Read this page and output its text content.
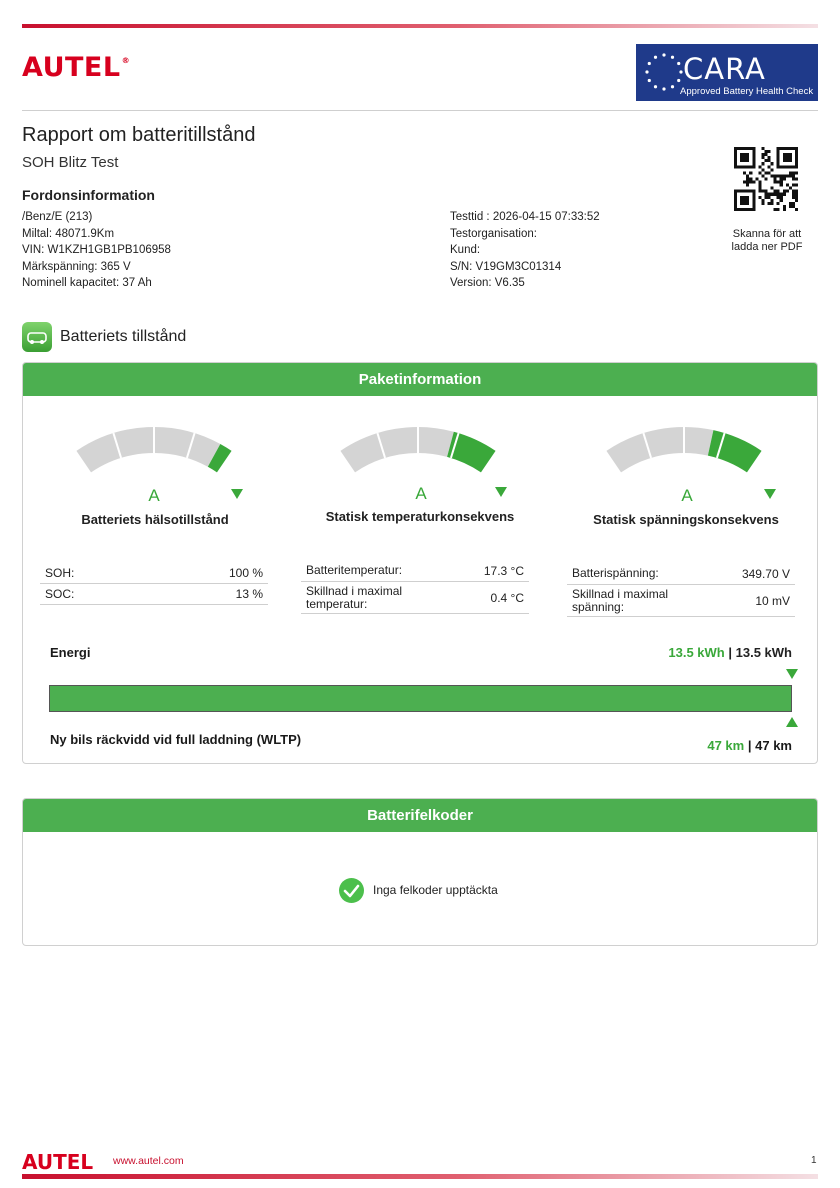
AUTEL®	CARA
Approved Battery Health Check
Rapport om batteritillstånd
SOH Blitz Test
Fordonsinformation
/Benz/E (213)
Miltal: 48071.9Km
VIN: W1KZH1GB1PB106958
Märkspänning: 365 V
Nominell kapacitet: 37 Ah
Testtid : 2026-04-15 07:33:52
Testorganisation:
Kund:
S/N: V19GM3C01314
Version: V6.35
Skanna för att
ladda ner PDF
Batteriets tillstånd
Paketinformation
A
Batteriets hälsotillstånd
A
Statisk temperaturkonsekvens
A
Statisk spänningskonsekvens
SOH:	100 %
SOC:	13 %
Batteritemperatur:	17.3 °C
Skillnad i maximal temperatur:	0.4 °C
Batterispänning:	349.70 V
Skillnad i maximal spänning:	10 mV
Energi	13.5 kWh | 13.5 kWh
Ny bils räckvidd vid full laddning (WLTP)	47 km | 47 km
Batterifelkoder
Inga felkoder upptäckta
AUTEL www.autel.com	1
